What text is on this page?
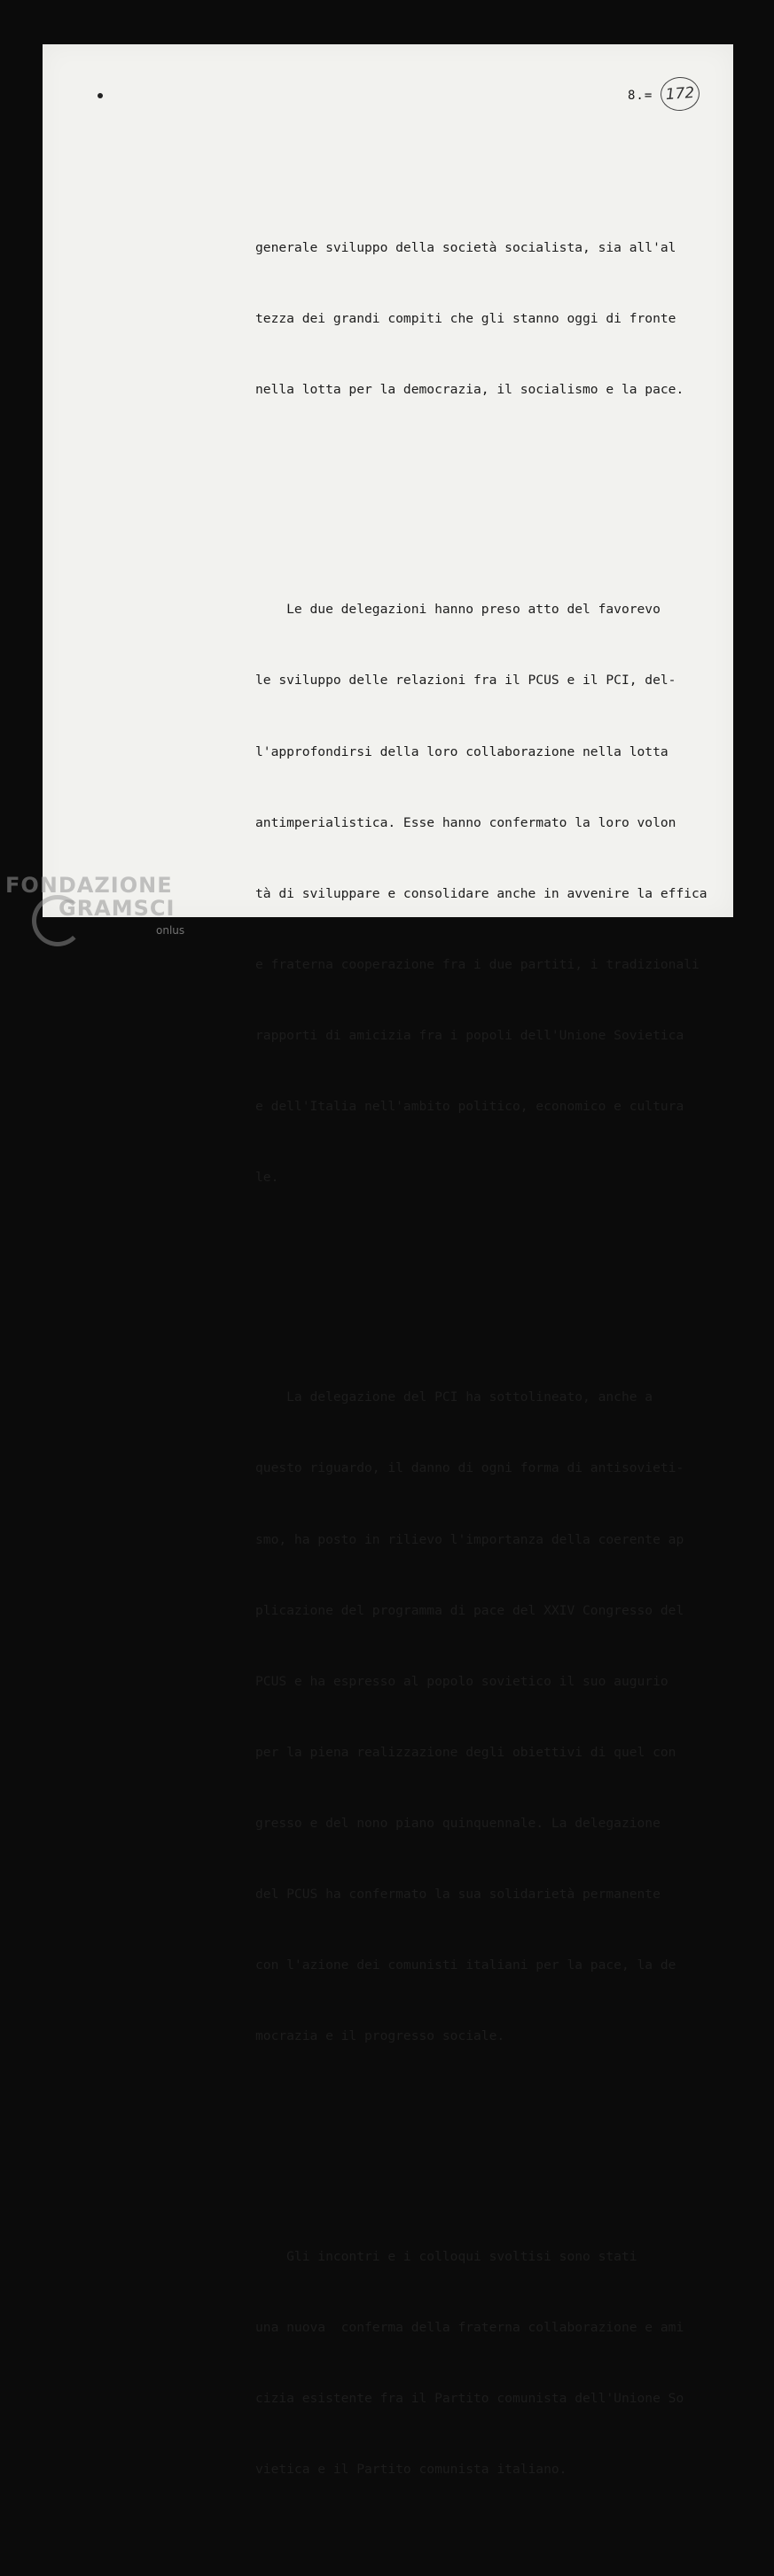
8.= 172

generale sviluppo della società socialista, sia all'al

tezza dei grandi compiti che gli stanno oggi di fronte

nella lotta per la democrazia, il socialismo e la pace.

Le due delegazioni hanno preso atto del favorevo

le sviluppo delle relazioni fra il PCUS e il PCI, del-

l'approfondirsi della loro collaborazione nella lotta

antimperialistica. Esse hanno confermato la loro volon

tà di sviluppare e consolidare anche in avvenire la effica

e fraterna cooperazione fra i due partiti, i tradizionali

rapporti di amicizia fra i popoli dell'Unione Sovietica

e dell'Italia nell'ambito politico, economico e cultura

le.

La delegazione del PCI ha sottolineato, anche a

questo riguardo, il danno di ogni forma di antisovieti-

smo, ha posto in rilievo l'importanza della coerente ap

plicazione del programma di pace del XXIV Congresso del

PCUS e ha espresso al popolo sovietico il suo augurio

per la piena realizzazione degli obiettivi di quel con

gresso e del nono piano quinquennale. La delegazione

del PCUS ha confermato la sua solidarietà permanente

con l'azione dei comunisti italiani per la pace, la de

mocrazia e il progresso sociale.

Gli incontri e i colloqui svoltisi sono stati

una nuova  conferma della fraterna collaborazione e ami

cizia esistente fra il Partito comunista dell'Unione So

vietica e il Partito comunista italiano.

FONDAZIONE
GRAMSCI
onlus
